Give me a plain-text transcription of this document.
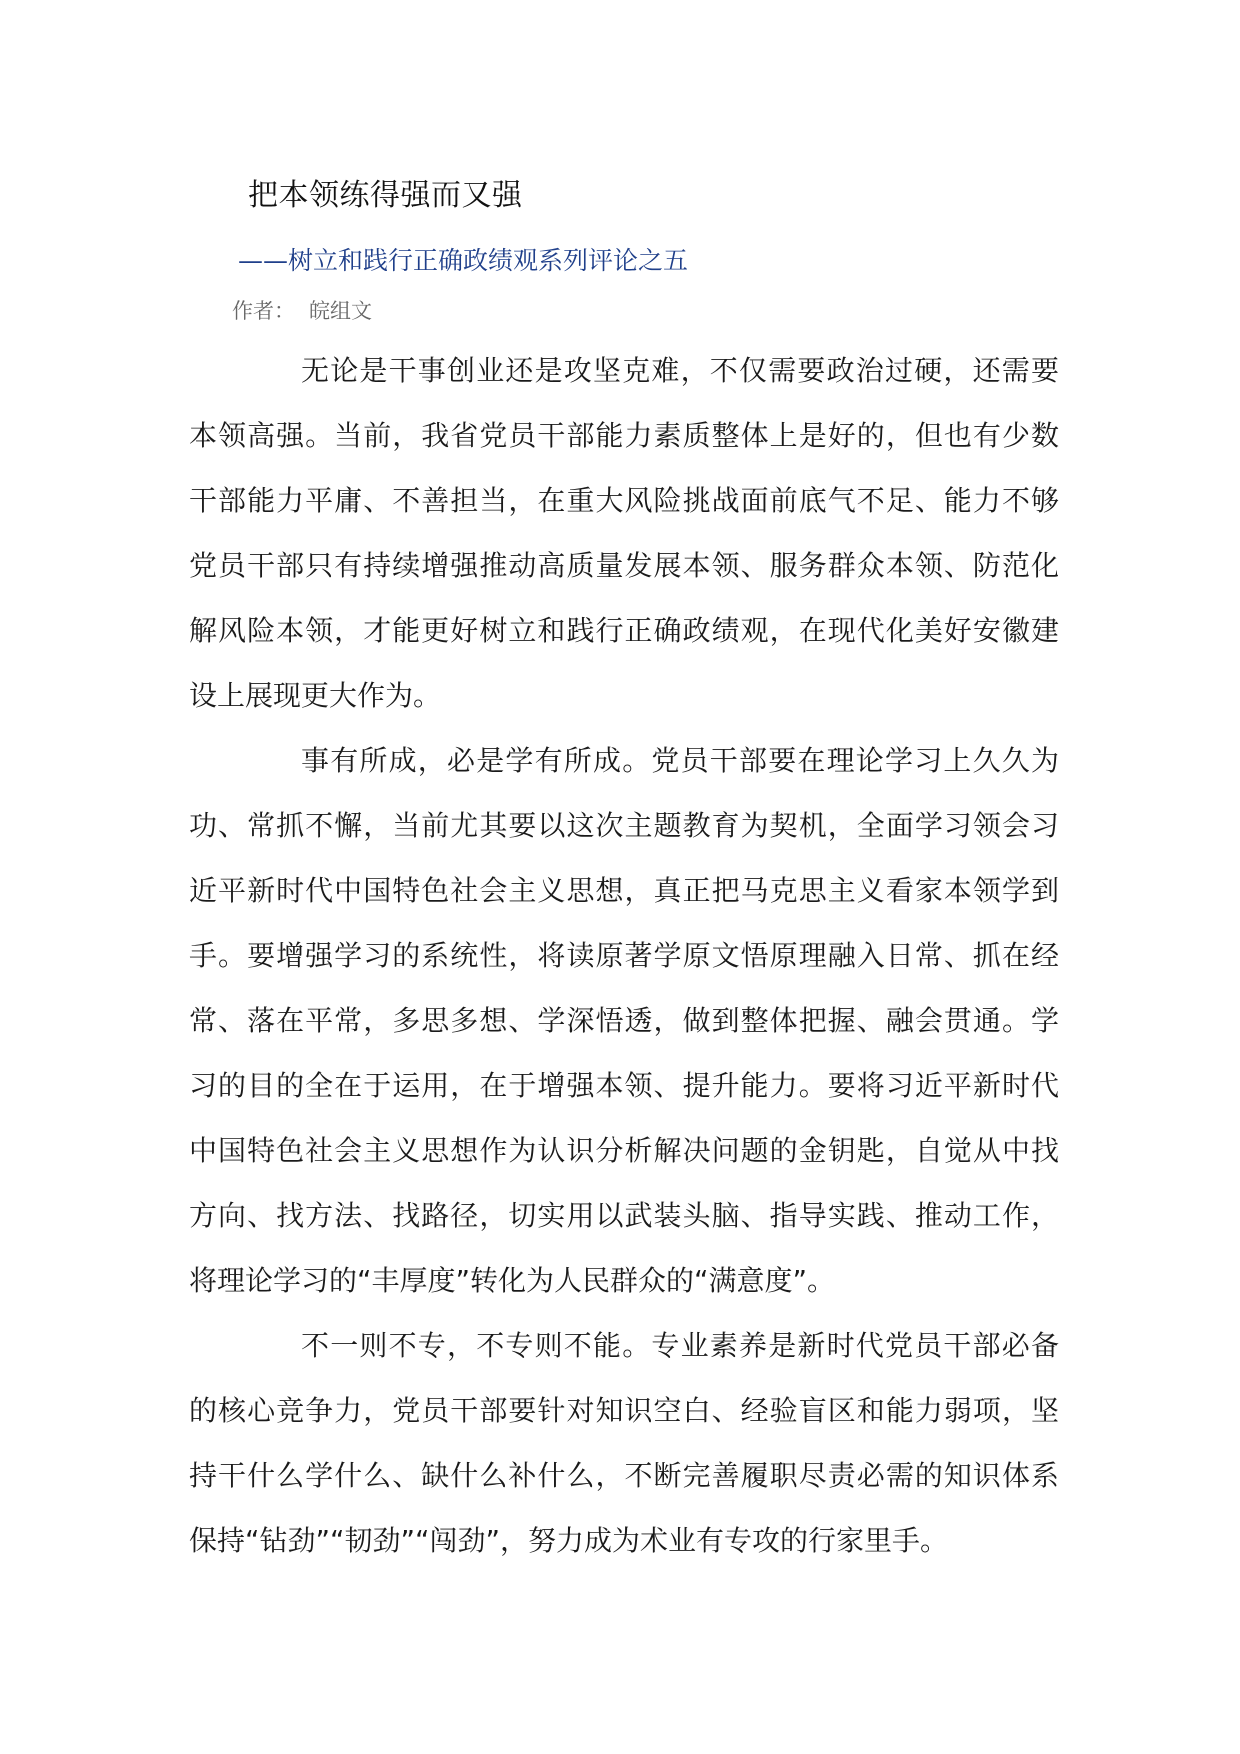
把本领练得强而又强
——树立和践行正确政绩观系列评论之五
作者： 皖组文
无论是干事创业还是攻坚克难，不仅需要政治过硬，还需要
本领高强。当前，我省党员干部能力素质整体上是好的，但也有少数
干部能力平庸、不善担当，在重大风险挑战面前底气不足、能力不够
党员干部只有持续增强推动高质量发展本领、服务群众本领、防范化
解风险本领，才能更好树立和践行正确政绩观，在现代化美好安徽建
设上展现更大作为。
事有所成，必是学有所成。党员干部要在理论学习上久久为
功、常抓不懈，当前尤其要以这次主题教育为契机，全面学习领会习
近平新时代中国特色社会主义思想，真正把马克思主义看家本领学到
手。要增强学习的系统性，将读原著学原文悟原理融入日常、抓在经
常、落在平常，多思多想、学深悟透，做到整体把握、融会贯通。学
习的目的全在于运用，在于增强本领、提升能力。要将习近平新时代
中国特色社会主义思想作为认识分析解决问题的金钥匙，自觉从中找
方向、找方法、找路径，切实用以武装头脑、指导实践、推动工作，
将理论学习的“丰厚度”转化为人民群众的“满意度”。
不一则不专，不专则不能。专业素养是新时代党员干部必备
的核心竞争力，党员干部要针对知识空白、经验盲区和能力弱项，坚
持干什么学什么、缺什么补什么，不断完善履职尽责必需的知识体系
保持“钻劲”“韧劲”“闯劲”，努力成为术业有专攻的行家里手。
